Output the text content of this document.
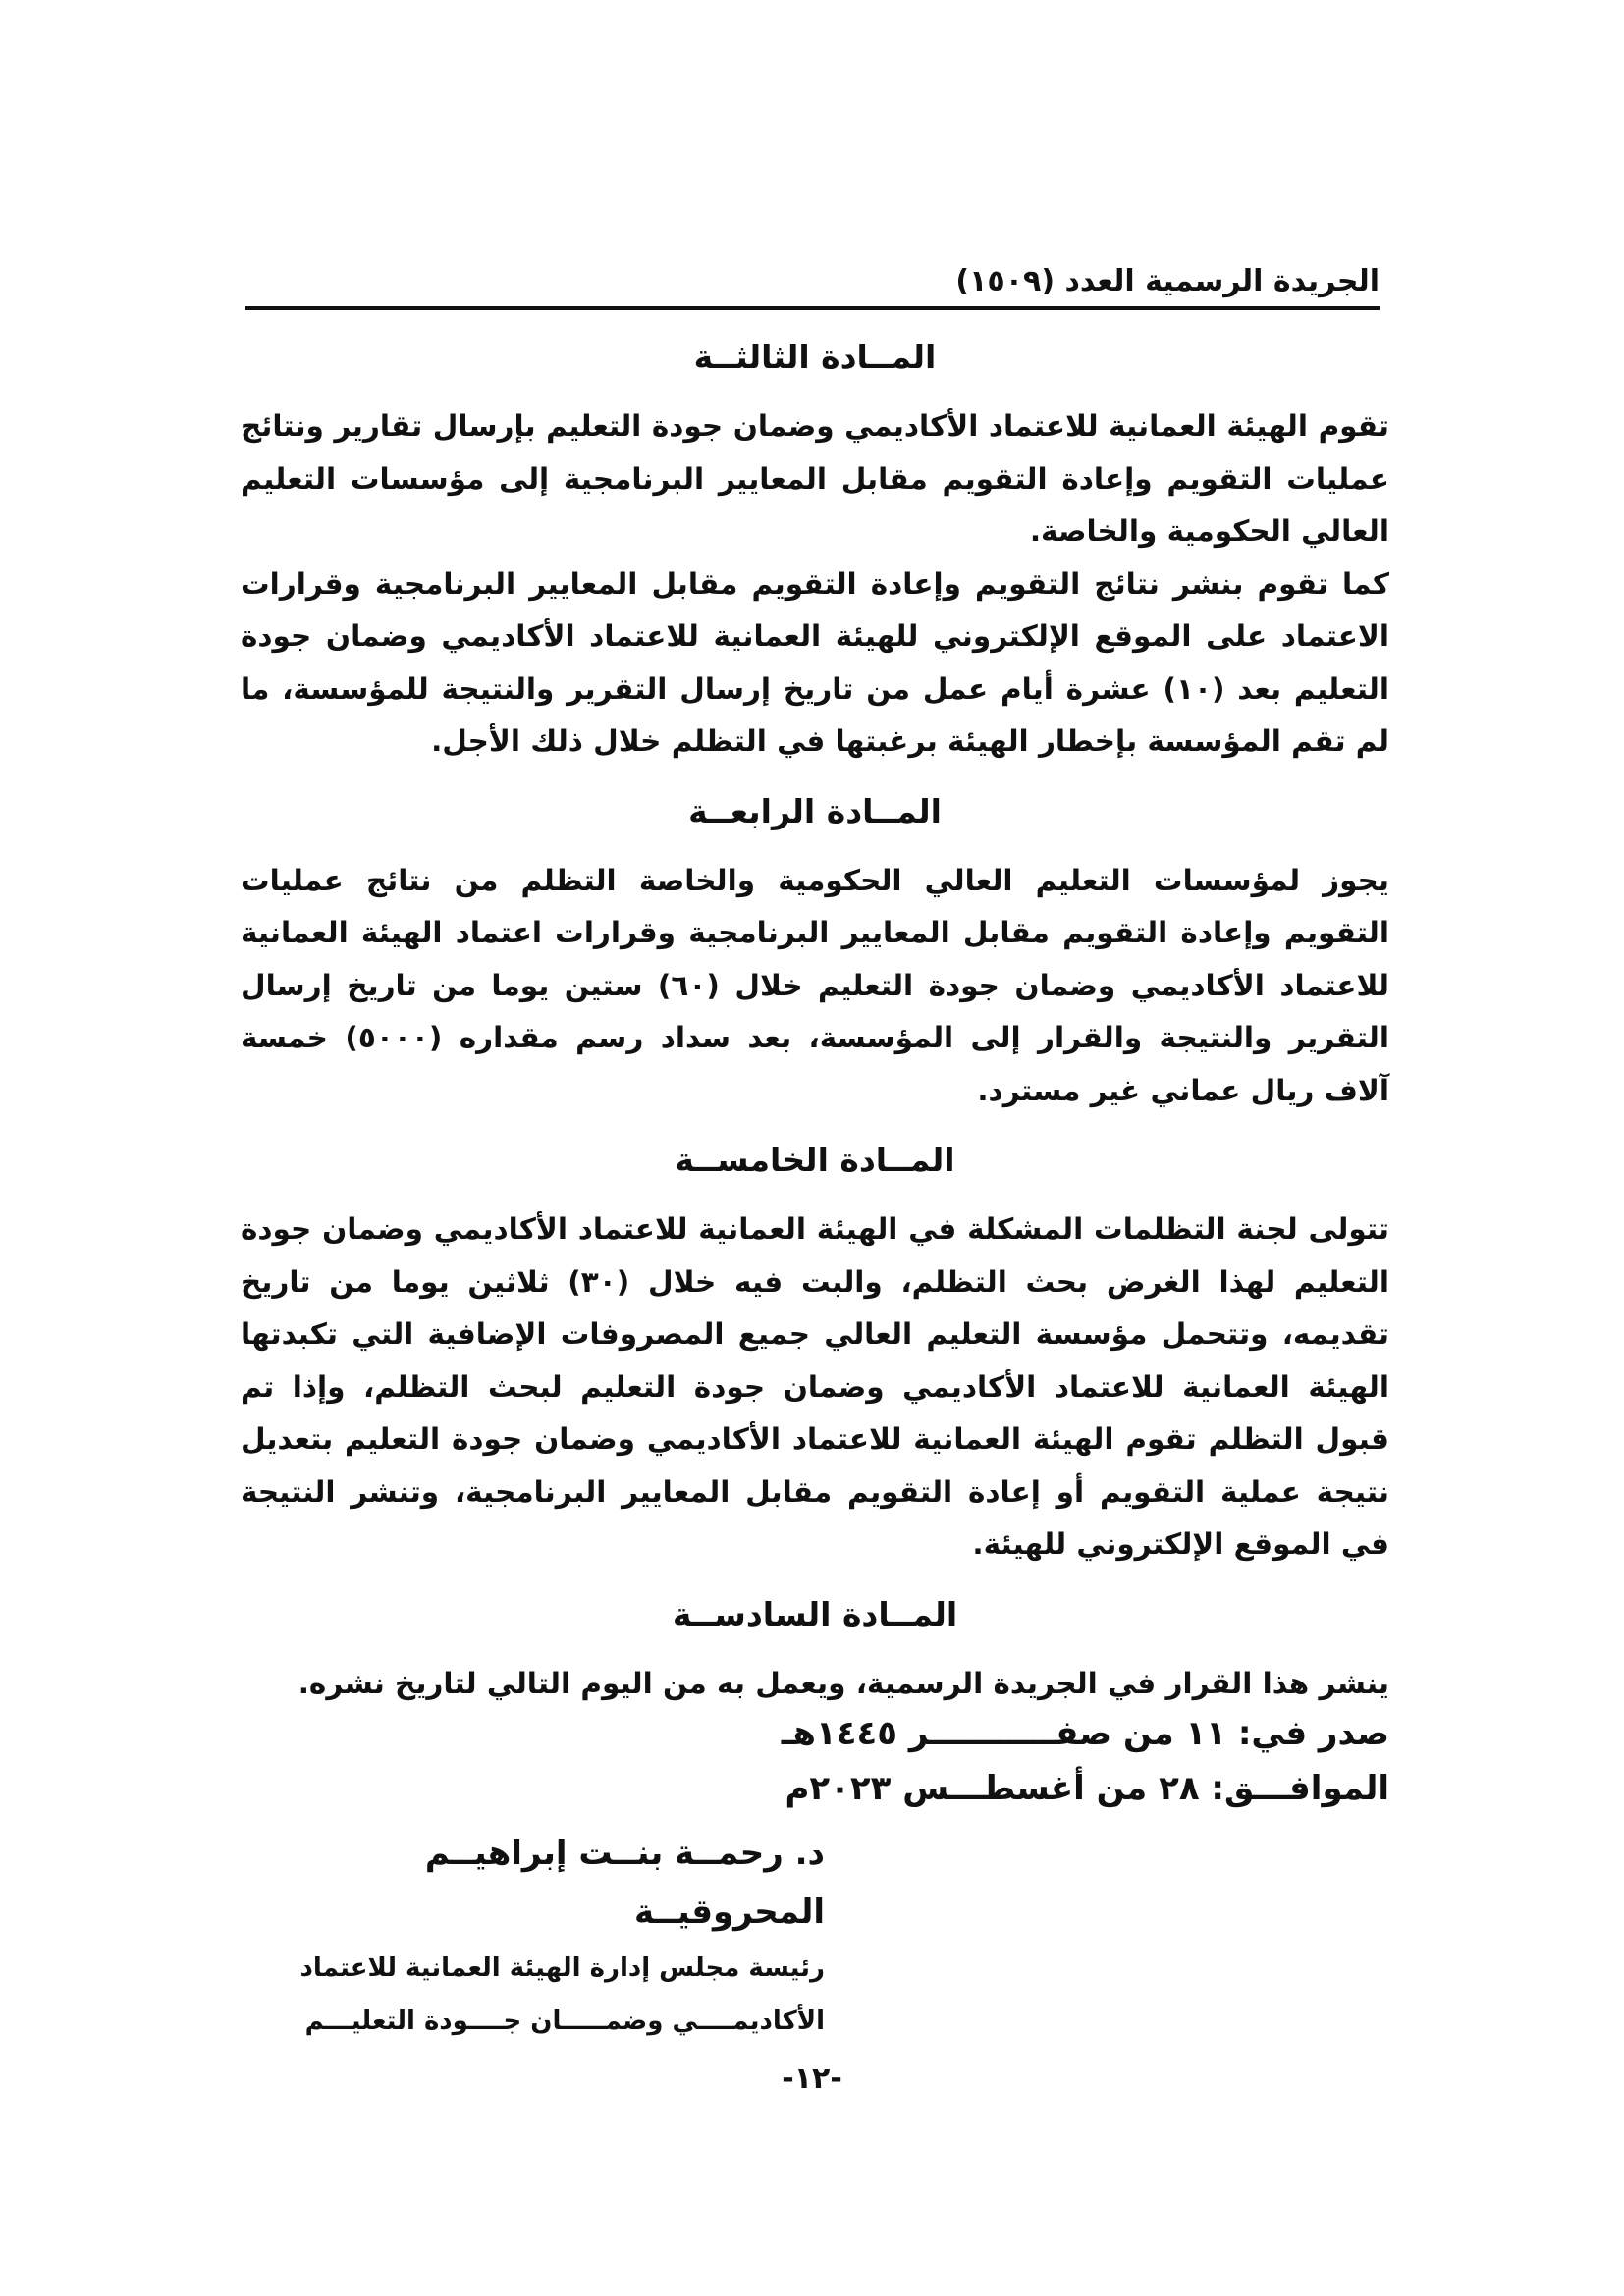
الجريدة الرسمية العدد (١٥٠٩)
المــادة الثالثــة

تقوم الهيئة العمانية للاعتماد الأكاديمي وضمان جودة التعليم بإرسال تقارير ونتائج عمليات التقويم وإعادة التقويم مقابل المعايير البرنامجية إلى مؤسسات التعليم العالي الحكومية والخاصة.

كما تقوم بنشر نتائج التقويم وإعادة التقويم مقابل المعايير البرنامجية وقرارات الاعتماد على الموقع الإلكتروني للهيئة العمانية للاعتماد الأكاديمي وضمان جودة التعليم بعد (١٠) عشرة أيام عمل من تاريخ إرسال التقرير والنتيجة للمؤسسة، ما لم تقم المؤسسة بإخطار الهيئة برغبتها في التظلم خلال ذلك الأجل.

المــادة الرابعــة

يجوز لمؤسسات التعليم العالي الحكومية والخاصة التظلم من نتائج عمليات التقويم وإعادة التقويم مقابل المعايير البرنامجية وقرارات اعتماد الهيئة العمانية للاعتماد الأكاديمي وضمان جودة التعليم خلال (٦٠) ستين يوما من تاريخ إرسال التقرير والنتيجة والقرار إلى المؤسسة، بعد سداد رسم مقداره (٥٠٠٠) خمسة آلاف ريال عماني غير مسترد.

المــادة الخامســة

تتولى لجنة التظلمات المشكلة في الهيئة العمانية للاعتماد الأكاديمي وضمان جودة التعليم لهذا الغرض بحث التظلم، والبت فيه خلال (٣٠) ثلاثين يوما من تاريخ تقديمه، وتتحمل مؤسسة التعليم العالي جميع المصروفات الإضافية التي تكبدتها الهيئة العمانية للاعتماد الأكاديمي وضمان جودة التعليم لبحث التظلم، وإذا تم قبول التظلم تقوم الهيئة العمانية للاعتماد الأكاديمي وضمان جودة التعليم بتعديل نتيجة عملية التقويم أو إعادة التقويم مقابل المعايير البرنامجية، وتنشر النتيجة في الموقع الإلكتروني للهيئة.

المــادة السادســة

ينشر هذا القرار في الجريدة الرسمية، ويعمل به من اليوم التالي لتاريخ نشره.

صدر في: ١١ من صفـــــــــــر ١٤٤٥هـ
الموافـــق: ٢٨ من أغسطـــس ٢٠٢٣م
د. رحمــة بنــت إبراهيــم المحروقيــة
رئيسة مجلس إدارة الهيئة العمانية للاعتماد
الأكاديمــــي وضمـــــان جــــودة التعليـــم
-١٢-
